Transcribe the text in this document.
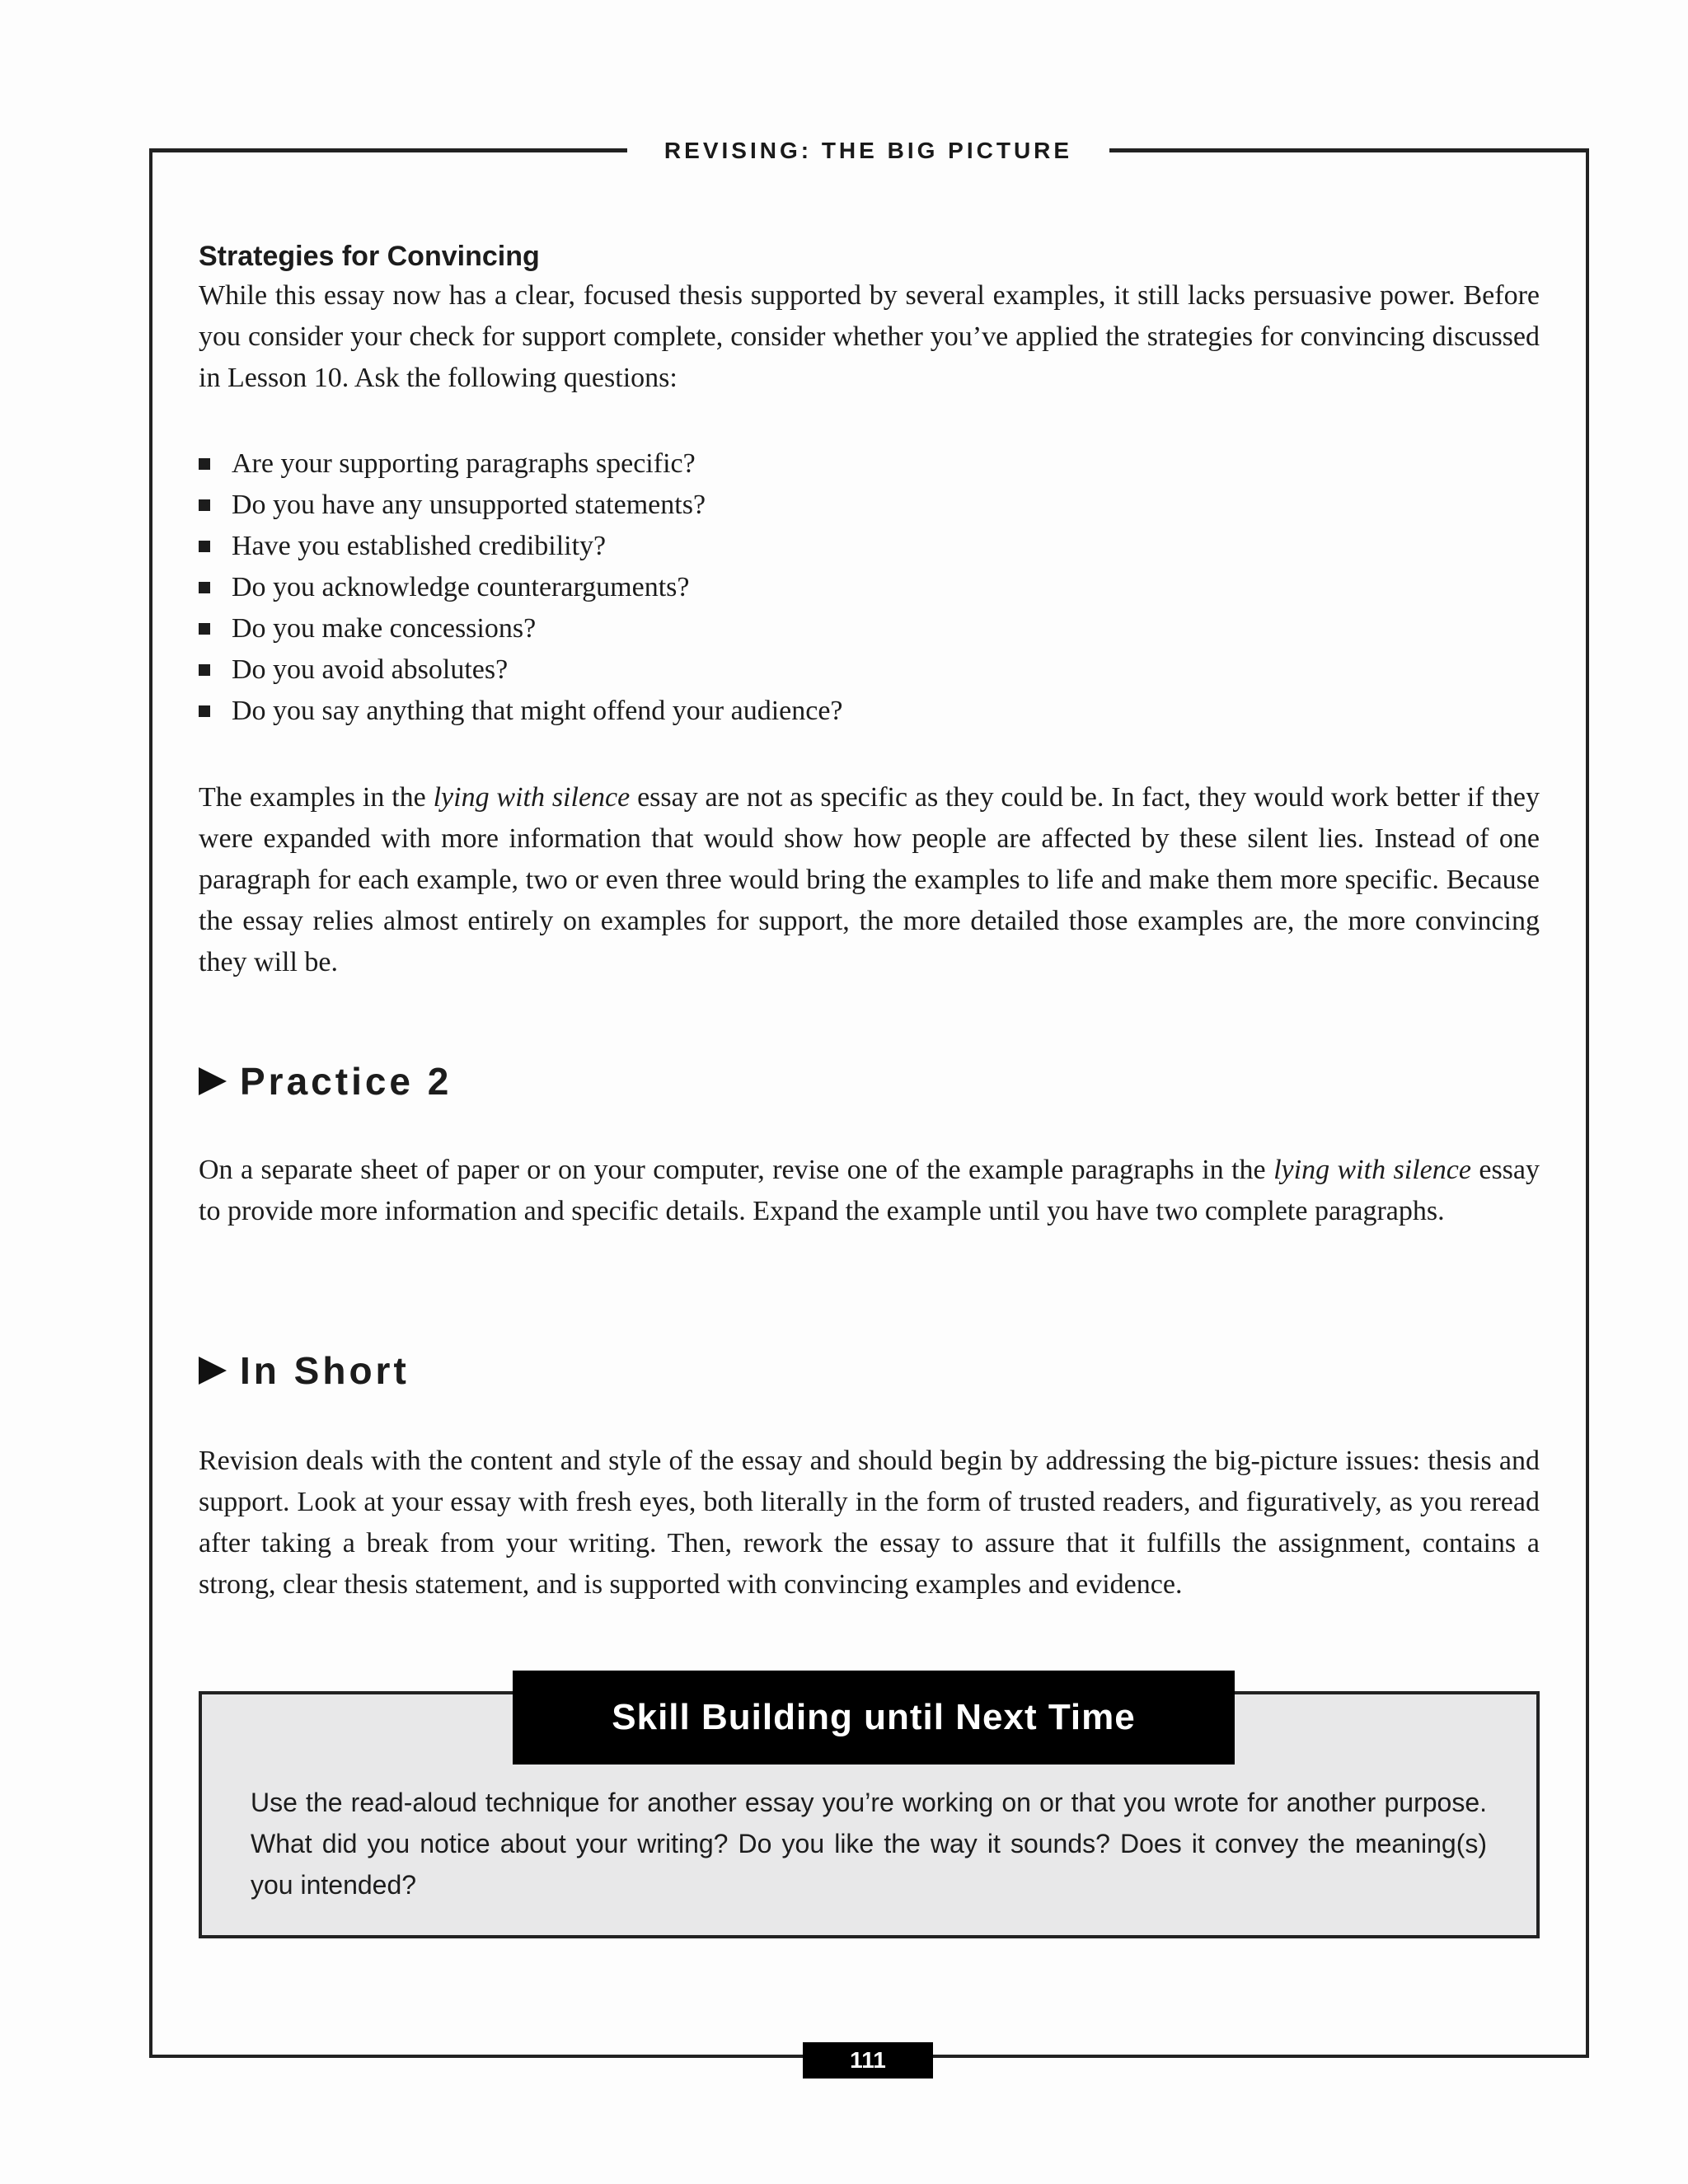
REVISING: THE BIG PICTURE
Strategies for Convincing

While this essay now has a clear, focused thesis supported by several examples, it still lacks persuasive power. Before you consider your check for support complete, consider whether you’ve applied the strategies for convincing discussed in Lesson 10. Ask the following questions:

Are your supporting paragraphs specific?
Do you have any unsupported statements?
Have you established credibility?
Do you acknowledge counterarguments?
Do you make concessions?
Do you avoid absolutes?
Do you say anything that might offend your audience?

The examples in the lying with silence essay are not as specific as they could be. In fact, they would work better if they were expanded with more information that would show how people are affected by these silent lies. Instead of one paragraph for each example, two or even three would bring the examples to life and make them more specific. Because the essay relies almost entirely on examples for support, the more detailed those examples are, the more convincing they will be.

Practice 2

On a separate sheet of paper or on your computer, revise one of the example paragraphs in the lying with silence essay to provide more information and specific details. Expand the example until you have two complete paragraphs.

In Short

Revision deals with the content and style of the essay and should begin by addressing the big-picture issues: thesis and support. Look at your essay with fresh eyes, both literally in the form of trusted readers, and figuratively, as you reread after taking a break from your writing. Then, rework the essay to assure that it fulfills the assignment, contains a strong, clear thesis statement, and is supported with convincing examples and evidence.

Skill Building until Next Time

Use the read-aloud technique for another essay you’re working on or that you wrote for another purpose. What did you notice about your writing? Do you like the way it sounds? Does it convey the meaning(s) you intended?

111
